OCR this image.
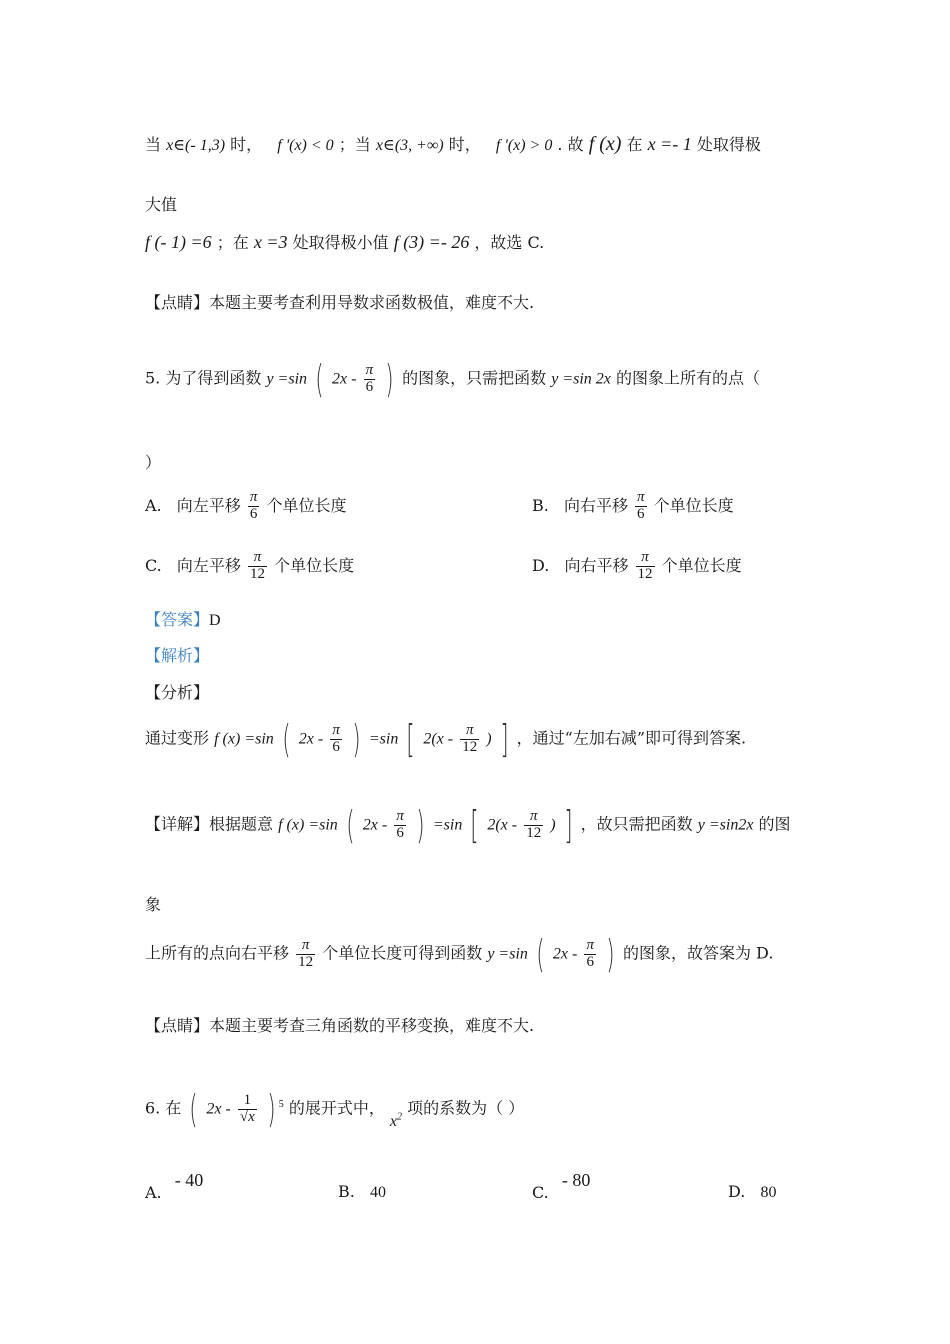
当 x∈(- 1,3) 时， f '(x) < 0 ；当 x∈(3, +∞) 时， f '(x) > 0 . 故 f (x) 在 x =- 1 处取得极
大值
f (- 1) =6 ；在 x =3 处取得极小值 f (3) =- 26 ，故选 C.
【点睛】本题主要考查利用导数求函数极值，难度不大.
5. 为了得到函数 y =sin ( $2x - \frac{\pi}{6}$ ) 的图象，只需把函数 y =sin 2x 的图象上所有的点（
）
A. 向左平移 $\frac{\pi}{6}$ 个单位长度	B. 向右平移 $\frac{\pi}{6}$ 个单位长度
C. 向左平移 $\frac{\pi}{12}$ 个单位长度	D. 向右平移 $\frac{\pi}{12}$ 个单位长度
【答案】D
【解析】
【分析】
通过变形 f (x) =sin ( $2x - \frac{\pi}{6}$ ) =sin [ $2(x - \frac{\pi}{12}$ ) ] ，通过“左加右减”即可得到答案.
【详解】根据题意 f (x) =sin ( $2x - \frac{\pi}{6}$ ) =sin [ $2(x - \frac{\pi}{12}$ ) ] ，故只需把函数 y =sin2x 的图
象
上所有的点向右平移 $\frac{\pi}{12}$ 个单位长度可得到函数 y =sin ( $2x - \frac{\pi}{6}$ ) 的图象，故答案为 D.
【点睛】本题主要考查三角函数的平移变换，难度不大.
6. 在 ( $2x - \frac{1}{√x}$ ) $^5$ 的展开式中， $x^2$ 项的系数为（ ）
A. - 40
B. 40	C. - 80
D. 80
